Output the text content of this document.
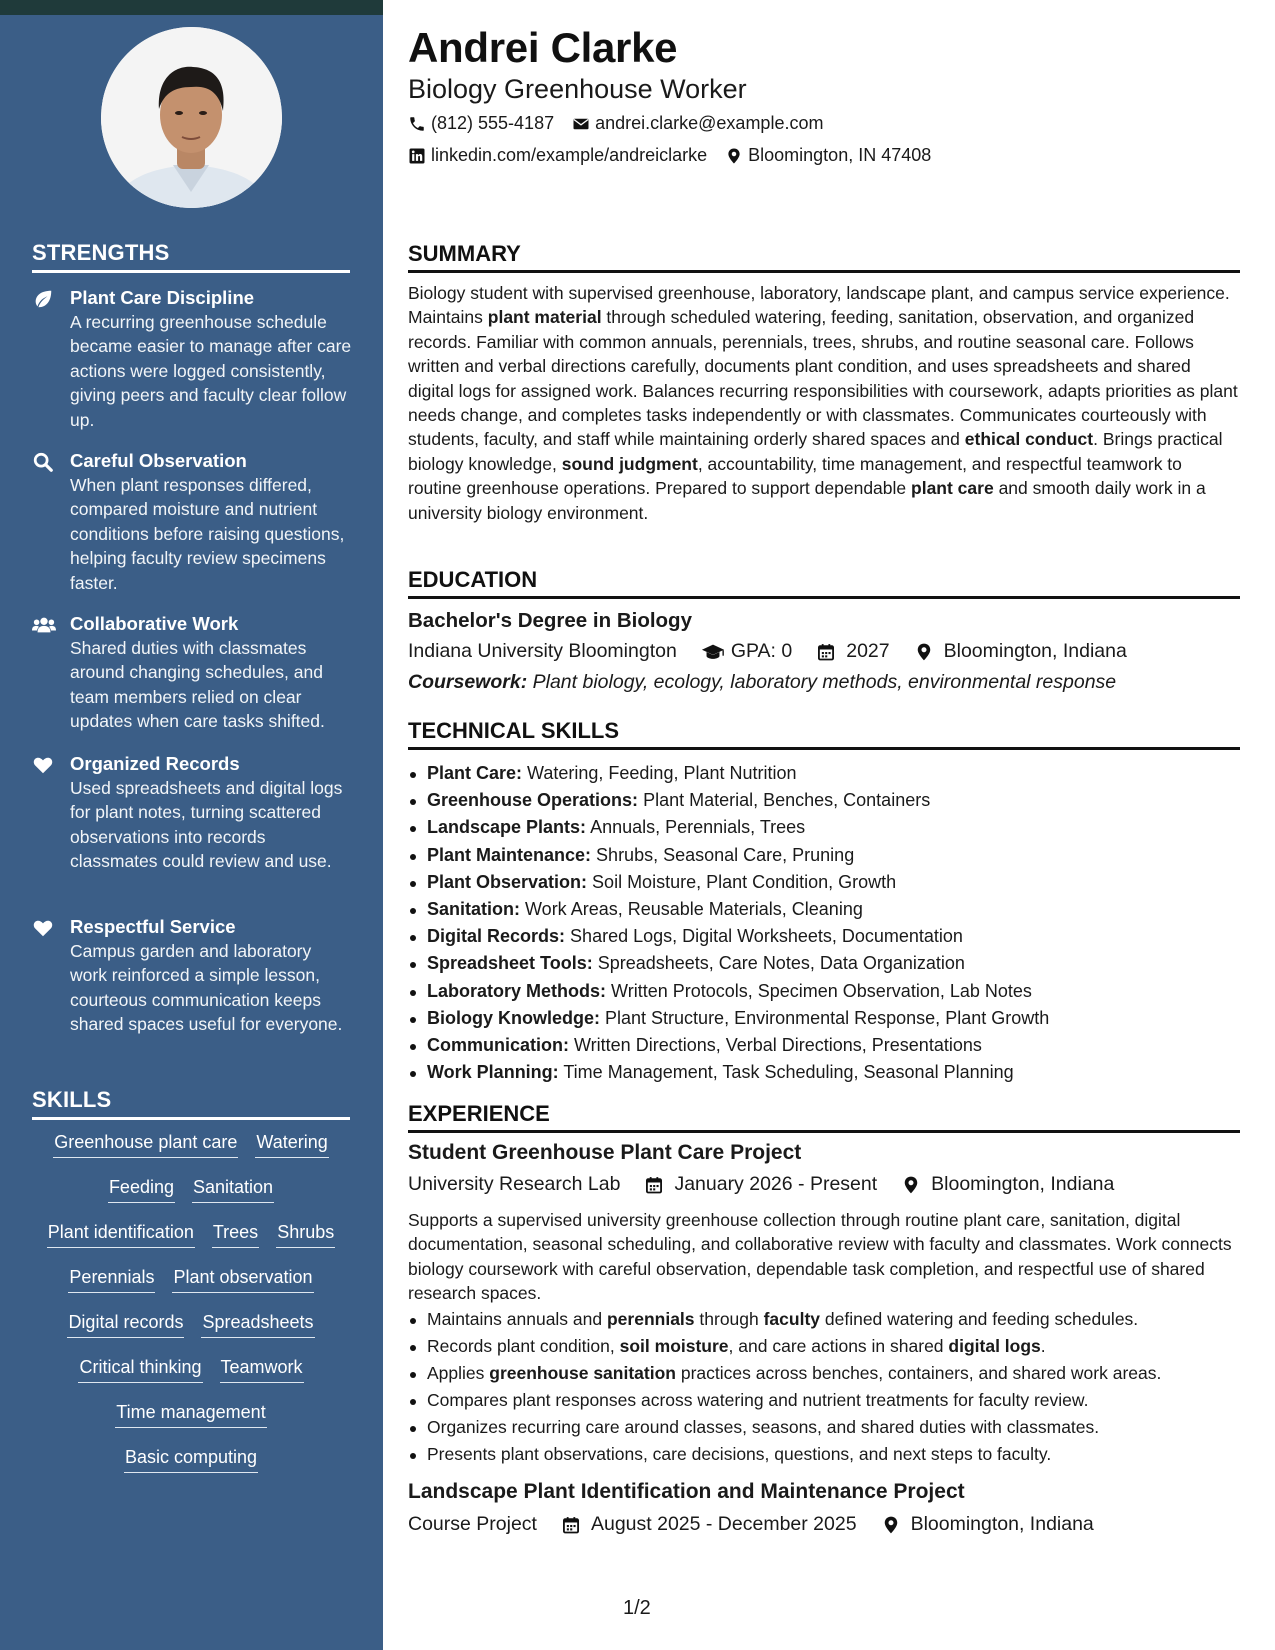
STRENGTHS
Plant Care Discipline
A recurring greenhouse schedule became easier to manage after care actions were logged consistently, giving peers and faculty clear follow up.
Careful Observation
When plant responses differed, compared moisture and nutrient conditions before raising questions, helping faculty review specimens faster.
Collaborative Work
Shared duties with classmates around changing schedules, and team members relied on clear updates when care tasks shifted.
Organized Records
Used spreadsheets and digital logs for plant notes, turning scattered observations into records classmates could review and use.
Respectful Service
Campus garden and laboratory work reinforced a simple lesson, courteous communication keeps shared spaces useful for everyone.
SKILLS
Greenhouse plant care Watering
Feeding Sanitation
Plant identification Trees Shrubs
Perennials Plant observation
Digital records Spreadsheets
Critical thinking Teamwork
Time management
Basic computing
Andrei Clarke
Biology Greenhouse Worker
(812) 555-4187 andrei.clarke@example.com
linkedin.com/example/andreiclarke Bloomington, IN 47408
SUMMARY
Biology student with supervised greenhouse, laboratory, landscape plant, and campus service experience. Maintains plant material through scheduled watering, feeding, sanitation, observation, and organized records. Familiar with common annuals, perennials, trees, shrubs, and routine seasonal care. Follows written and verbal directions carefully, documents plant condition, and uses spreadsheets and shared digital logs for assigned work. Balances recurring responsibilities with coursework, adapts priorities as plant needs change, and completes tasks independently or with classmates. Communicates courteously with students, faculty, and staff while maintaining orderly shared spaces and ethical conduct. Brings practical biology knowledge, sound judgment, accountability, time management, and respectful teamwork to routine greenhouse operations. Prepared to support dependable plant care and smooth daily work in a university biology environment.
EDUCATION
Bachelor's Degree in Biology
Indiana University Bloomington	GPA: 0	2027	Bloomington, Indiana
Coursework: Plant biology, ecology, laboratory methods, environmental response
TECHNICAL SKILLS
Plant Care: Watering, Feeding, Plant Nutrition
Greenhouse Operations: Plant Material, Benches, Containers
Landscape Plants: Annuals, Perennials, Trees
Plant Maintenance: Shrubs, Seasonal Care, Pruning
Plant Observation: Soil Moisture, Plant Condition, Growth
Sanitation: Work Areas, Reusable Materials, Cleaning
Digital Records: Shared Logs, Digital Worksheets, Documentation
Spreadsheet Tools: Spreadsheets, Care Notes, Data Organization
Laboratory Methods: Written Protocols, Specimen Observation, Lab Notes
Biology Knowledge: Plant Structure, Environmental Response, Plant Growth
Communication: Written Directions, Verbal Directions, Presentations
Work Planning: Time Management, Task Scheduling, Seasonal Planning
EXPERIENCE
Student Greenhouse Plant Care Project
University Research Lab	January 2026 - Present	Bloomington, Indiana
Supports a supervised university greenhouse collection through routine plant care, sanitation, digital documentation, seasonal scheduling, and collaborative review with faculty and classmates. Work connects biology coursework with careful observation, dependable task completion, and respectful use of shared research spaces.
Maintains annuals and perennials through faculty defined watering and feeding schedules.
Records plant condition, soil moisture, and care actions in shared digital logs.
Applies greenhouse sanitation practices across benches, containers, and shared work areas.
Compares plant responses across watering and nutrient treatments for faculty review.
Organizes recurring care around classes, seasons, and shared duties with classmates.
Presents plant observations, care decisions, questions, and next steps to faculty.
Landscape Plant Identification and Maintenance Project
Course Project	August 2025 - December 2025	Bloomington, Indiana
1/2
